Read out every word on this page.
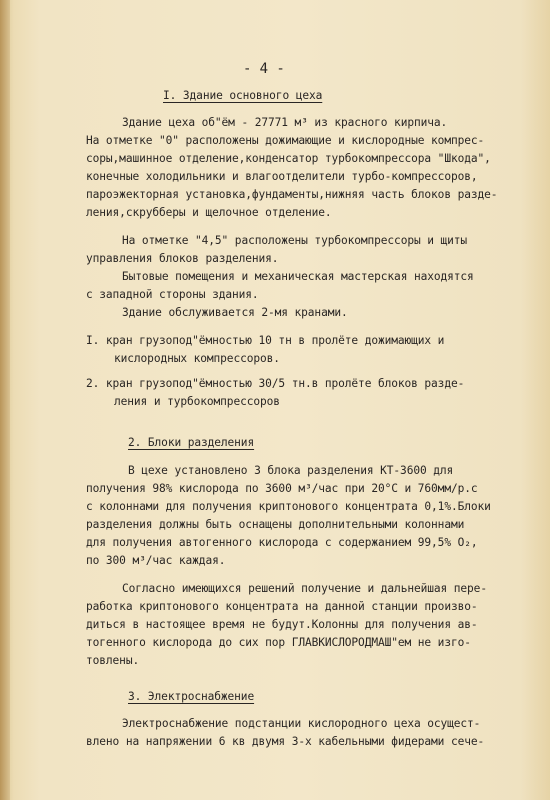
- 4 -

I. Здание основного цеха

Здание цеха об"ём - 27771 м³ из красного кирпича.

На отметке "0" расположены дожимающие и кислородные компрес-

соры,машинное отделение,конденсатор турбокомпрессора "Шкода",

конечные холодильники и влагоотделители турбо-компрессоров,

пароэжекторная установка,фундаменты,нижняя часть блоков разде-

ления,скрубберы и щелочное отделение.

На отметке "4,5" расположены турбокомпрессоры и щиты

управления блоков разделения.

Бытовые помещения и механическая мастерская находятся

с западной стороны здания.

Здание обслуживается 2-мя кранами.

I. кран грузопод"ёмностью 10 тн в пролёте дожимающих и

кислородных компрессоров.

2. кран грузопод"ёмностью 30/5 тн.в пролёте блоков разде-

ления и турбокомпрессоров

2. Блоки разделения

В цехе установлено 3 блока разделения КТ-3600 для

получения 98% кислорода по 3600 м³/час при 20°С и 760мм/р.с

с колоннами для получения криптонового концентрата 0,1%.Блоки

разделения должны быть оснащены дополнительными колоннами

для получения автогенного кислорода с содержанием 99,5% О₂,

по 300 м³/час каждая.

Согласно имеющихся решений получение и дальнейшая пере-

работка криптонового концентрата на данной станции произво-

диться в настоящее время не будут.Колонны для получения ав-

тогенного кислорода до сих пор ГЛАВКИСЛОРОДМАШ"ем не изго-

товлены.

3. Электроснабжение

Электроснабжение подстанции кислородного цеха осущест-

влено на напряжении 6 кв двумя 3-х кабельными фидерами сече-
